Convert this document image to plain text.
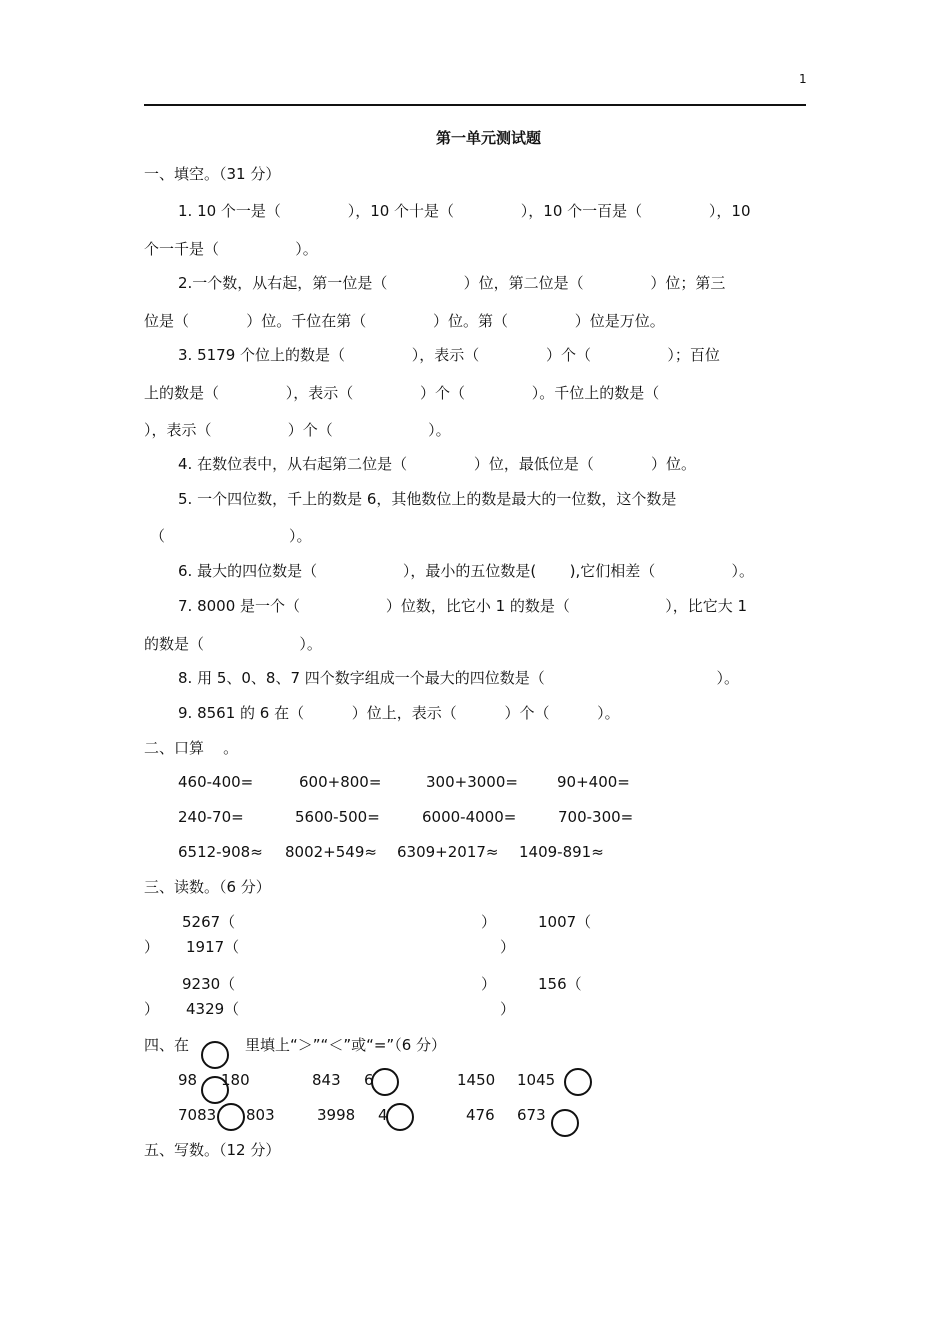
1
第一单元测试题
一、填空。（31 分）
1. 10 个一是（              ），10 个十是（              ），10 个一百是（              ），10
个一千是（                ）。
2.一个数，从右起，第一位是（                ）位，第二位是（              ）位；第三
位是（            ）位。千位在第（              ）位。第（              ）位是万位。
3. 5179 个位上的数是（              ），表示（              ）个（                ）；百位
上的数是（              ），表示（              ）个（              ）。千位上的数是（
），表示（                ）个（                    ）。
4. 在数位表中，从右起第二位是（              ）位，最低位是（            ）位。
5. 一个四位数，千上的数是 6，其他数位上的数是最大的一位数，这个数是
（                          ）。
6. 最大的四位数是（                  ），最小的五位数是(       ),它们相差（                ）。
7. 8000 是一个（                  ）位数，比它小 1 的数是（                    ），比它大 1
的数是（                    ）。
8. 用 5、0、8、7 四个数字组成一个最大的四位数是（                                    ）。
9. 8561 的 6 在（          ）位上，表示（          ）个（          ）。
二、口算    。
460-400=	600+800=	300+3000=	90+400=
240-70=	5600-500=	6000-4000=	700-300=
6512-908≈ 8002+549≈ 6309+2017≈ 1409-891≈
三、读数。（6 分）
5267（	）	1007（
） 1917（	）
9230（	）	156（
） 4329（	）
四、在	里填上“＞”“＜”或“=”（6 分）
98 180	843 6	1450 1045
7083 803	3998 4	476 673
五、写数。（12 分）
